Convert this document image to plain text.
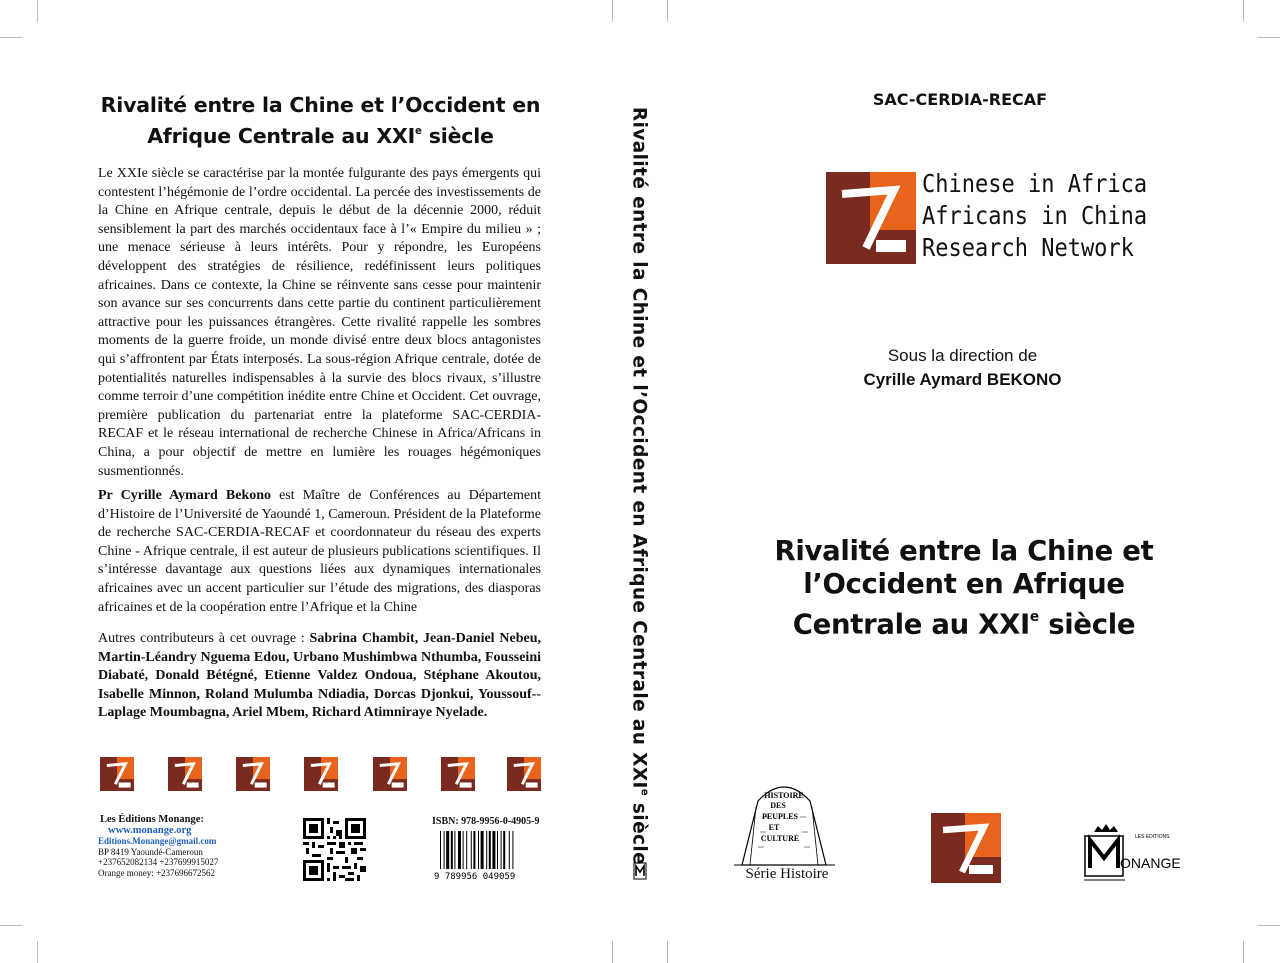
Rivalité entre la Chine et l’Occident en
Afrique Centrale au XXIe siècle

Le XXIe siècle se caractérise par la montée fulgurante des pays émergents qui contestent l’hégémonie de l’ordre occidental. La percée des investissements de la Chine en Afrique centrale, depuis le début de la décennie 2000, réduit sensiblement la part des marchés occidentaux face à l’« Empire du milieu » ; une menace sérieuse à leurs intérêts. Pour y répondre, les Européens développent des stratégies de résilience, redéfinissent leurs politiques africaines. Dans ce contexte, la Chine se réinvente sans cesse pour maintenir son avance sur ses concurrents dans cette partie du continent particulièrement attractive pour les puissances étrangères. Cette rivalité rappelle les sombres moments de la guerre froide, un monde divisé entre deux blocs antagonistes qui s’affrontent par États interposés. La sous-région Afrique centrale, dotée de potentialités naturelles indispensables à la survie des blocs rivaux, s’illustre comme terroir d’une compétition inédite entre Chine et Occident. Cet ouvrage, première publication du partenariat entre la plateforme SAC-CERDIA-RECAF et le réseau international de recherche Chinese in Africa/Africans in China, a pour objectif de mettre en lumière les rouages hégémoniques susmentionnés.

Pr Cyrille Aymard Bekono est Maître de Conférences au Département d’Histoire de l’Université de Yaoundé 1, Cameroun. Président de la Plateforme de recherche SAC-CERDIA-RECAF et coordonnateur du réseau des experts Chine - Afrique centrale, il est auteur de plusieurs publications scientifiques. Il s’intéresse davantage aux questions liées aux dynamiques internationales africaines avec un accent particulier sur l’étude des migrations, des diasporas africaines et de la coopération entre l’Afrique et la Chine

Autres contributeurs à cet ouvrage : Sabrina Chambit, Jean-Daniel Nebeu, Martin-Léandry Nguema Edou, Urbano Mushimbwa Nthumba, Fousseini Diabaté, Donald Bétégné, Etienne Valdez Ondoua, Stéphane Akoutou, Isabelle Minnon, Roland Mulumba Ndiadia, Dorcas Djonkui, Youssouf--Laplage Moumbagna, Ariel Mbem, Richard Atimniraye Nyelade.

Les Éditions Monange:
www.monange.org
Editions.Monange@gmail.com
BP 8419 Yaoundé-Cameroun
+23765208213​4 +237699915027
Orange money: +237696672562
ISBN: 978-9956-0-4905-9
9 789956 049059
Rivalité entre la Chine et l’Occident en Afrique Centrale au XXIe siècle
SAC-CERDIA-RECAF
Chinese in Africa
Africans in China
Research Network
Sous la direction de
Cyrille Aymard BEKONO
Rivalité entre la Chine et
l’Occident en Afrique
Centrale au XXIe siècle
HISTOIRE
DES
PEUPLES
ET
CULTURE
Série Histoire
LES EDITIONS
ONANGE
